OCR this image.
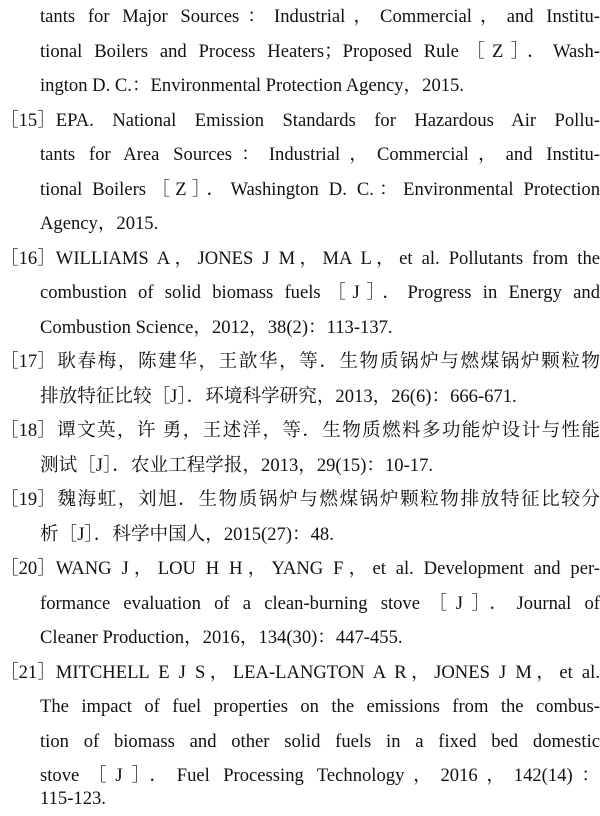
tants for Major Sources：Industrial，Commercial，and Institu-
tional Boilers and Process Heaters；Proposed Rule［Z］．Wash-
ington D. C.：Environmental Protection Agency，2015.
［15］EPA. National Emission Standards for Hazardous Air Pollu-
tants for Area Sources：Industrial，Commercial，and Institu-
tional Boilers［Z］．Washington D. C.：Environmental Protection
Agency，2015.
［16］WILLIAMS A，JONES J M，MA L，et al. Pollutants from the
combustion of solid biomass fuels［J］．Progress in Energy and
Combustion Science，2012，38(2)：113-137.
［17］耿春梅，陈建华，王歆华，等．生物质锅炉与燃煤锅炉颗粒物
排放特征比较［J］．环境科学研究，2013，26(6)：666-671.
［18］谭文英，许 勇，王述洋，等．生物质燃料多功能炉设计与性能
测试［J］．农业工程学报，2013，29(15)：10-17.
［19］魏海虹，刘旭．生物质锅炉与燃煤锅炉颗粒物排放特征比较分
析［J］．科学中国人，2015(27)：48.
［20］WANG J，LOU H H，YANG F，et al. Development and per-
formance evaluation of a clean-burning stove［J］．Journal of
Cleaner Production，2016，134(30)：447-455.
［21］MITCHELL E J S，LEA-LANGTON A R，JONES J M，et al.
The impact of fuel properties on the emissions from the combus-
tion of biomass and other solid fuels in a fixed bed domestic
stove［J］．Fuel Processing Technology，2016，142(14)：
115-123.
